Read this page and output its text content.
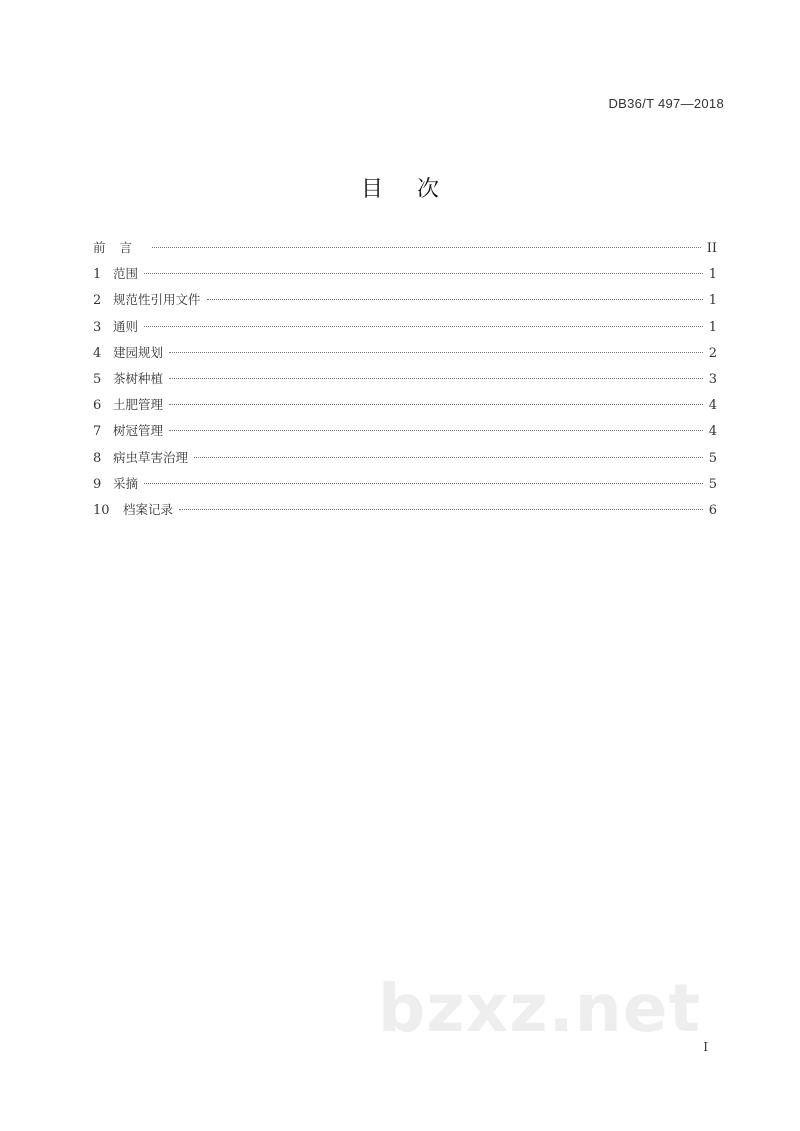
DB36/T 497—2018
目次
前言	II
1 范围	1
2 规范性引用文件	1
3 通则	1
4 建园规划	2
5 茶树种植	3
6 土肥管理	4
7 树冠管理	4
8 病虫草害治理	5
9 采摘	5
10	档案记录	6
bzxz.net I
